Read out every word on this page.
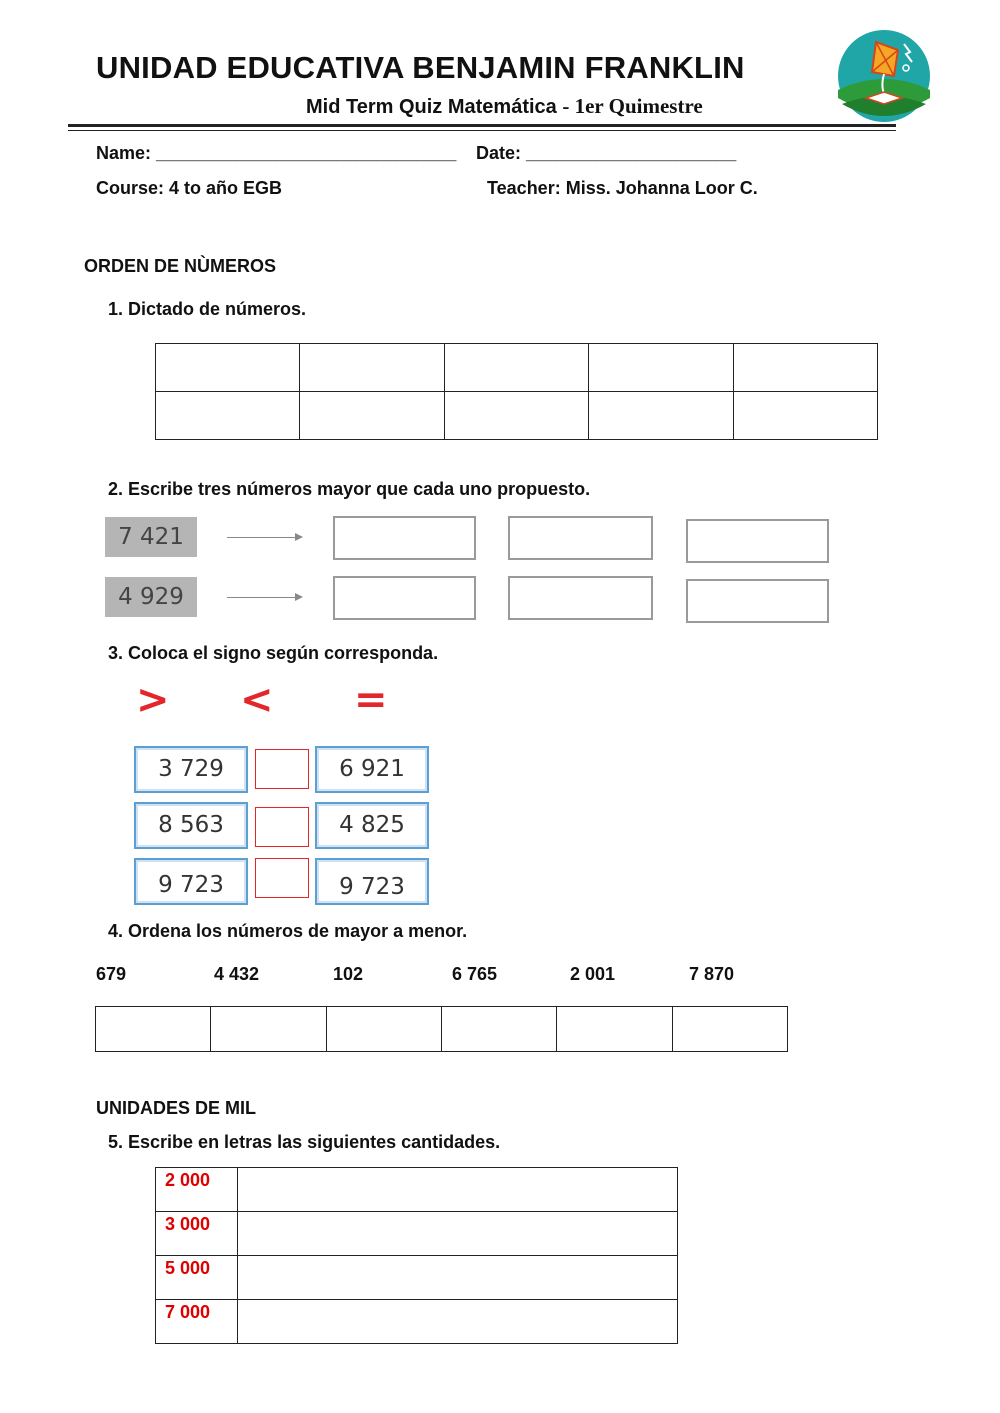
UNIDAD EDUCATIVA BENJAMIN FRANKLIN
Mid Term Quiz Matemática - 1er Quimestre
Name: ______________________________ Date: _____________________
Course: 4 to año EGB	Teacher: Miss. Johanna Loor C.
ORDEN DE NÙMEROS
1. Dictado de números.

2. Escribe tres números mayor que cada uno propuesto.
7 421
4 929
3. Coloca el signo según corresponda.
> < =
3 729	6 921
8 563	4 825
9 723	9 723
4. Ordena los números de mayor a menor.
679	4 432	102	6 765	2 001	7 870

UNIDADES DE MIL
5. Escribe en letras las siguientes cantidades.
2 000	
3 000	
5 000	
7 000	
